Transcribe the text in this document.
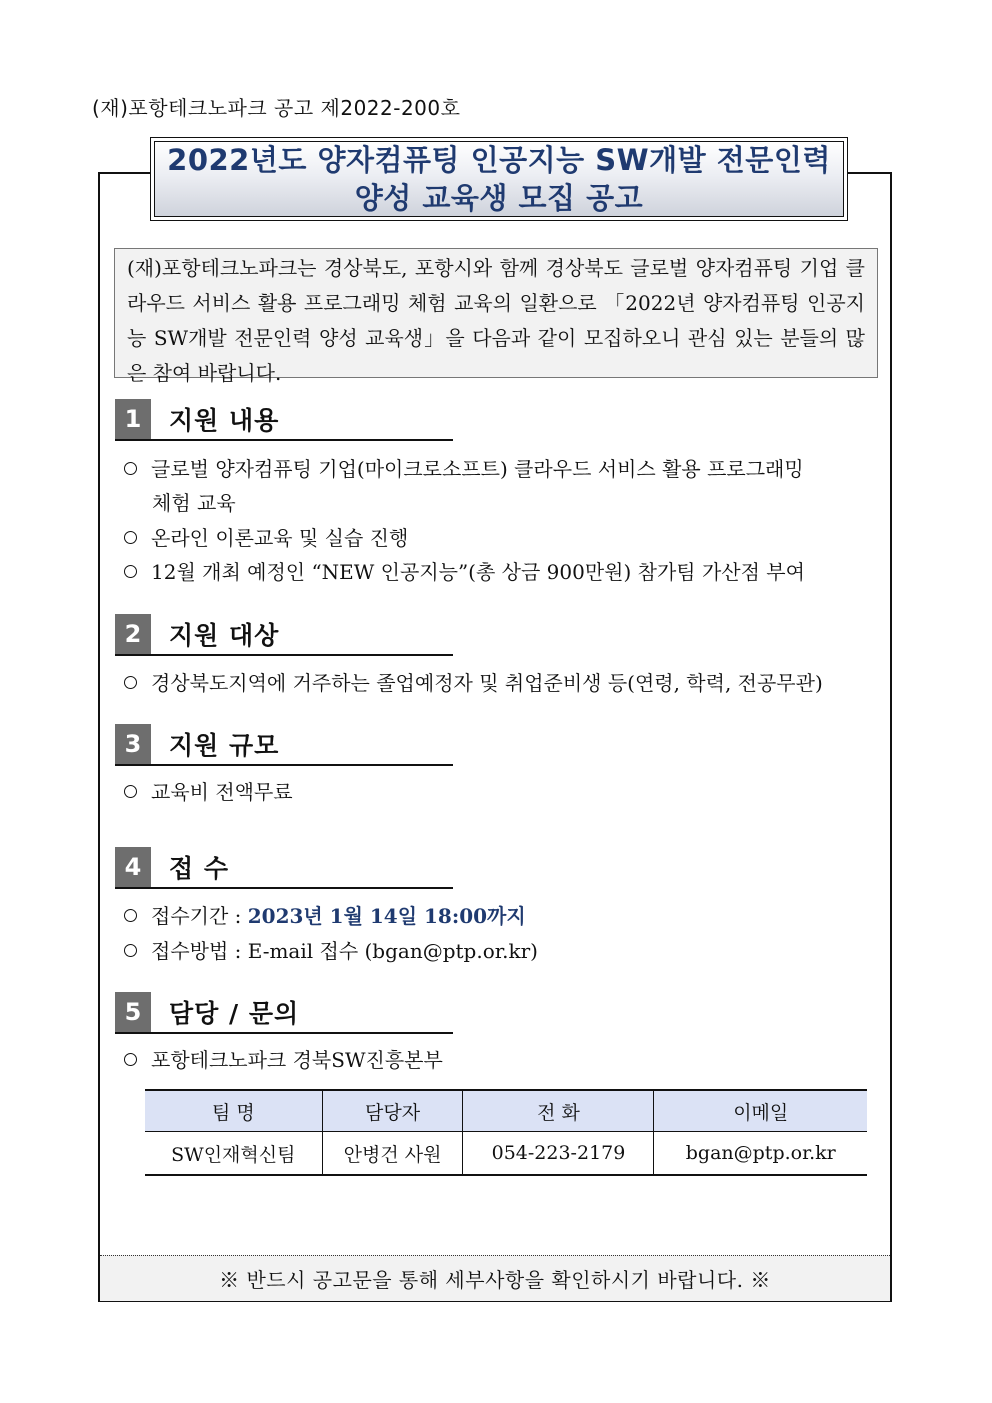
(재)포항테크노파크 공고 제2022-200호
2022년도 양자컴퓨팅 인공지능 SW개발 전문인력
양성 교육생 모집 공고
(재)포항테크노파크는 경상북도, 포항시와 함께 경상북도 글로벌 양자컴퓨팅 기업 클라우드 서비스 활용 프로그래밍 체험 교육의 일환으로 「2022년 양자컴퓨팅 인공지능 SW개발 전문인력 양성 교육생」을 다음과 같이 모집하오니 관심 있는 분들의 많은 참여 바랍니다.
1	지원 내용
글로벌 양자컴퓨팅 기업(마이크로소프트) 클라우드 서비스 활용 프로그래밍
체험 교육
온라인 이론교육 및 실습 진행
12월 개최 예정인 “NEW 인공지능”(총 상금 900만원) 참가팀 가산점 부여
2	지원 대상
경상북도지역에 거주하는 졸업예정자 및 취업준비생 등(연령, 학력, 전공무관)
3	지원 규모
교육비 전액무료
4	접 수
접수기간 : 2023년 1월 14일 18:00까지
접수방법 : E-mail 접수 (bgan@ptp.or.kr)
5	담당 / 문의
포항테크노파크 경북SW진흥본부
팀 명	담당자	전 화	이메일
SW인재혁신팀	안병건 사원	054-223-2179	bgan@ptp.or.kr
※ 반드시 공고문을 통해 세부사항을 확인하시기 바랍니다. ※
